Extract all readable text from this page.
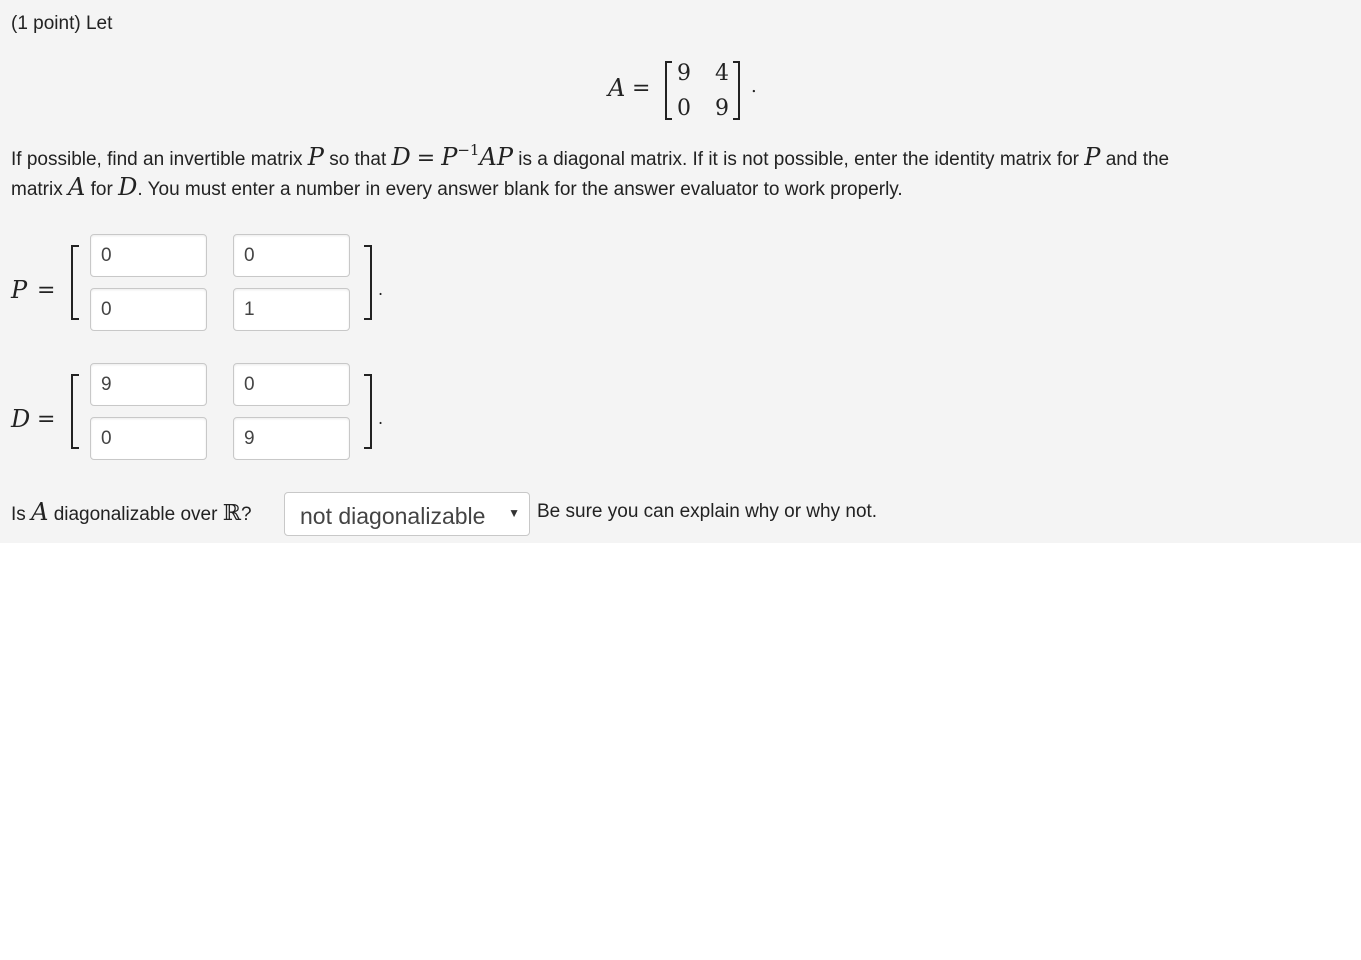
(1 point) Let
A =
9 4
0 9
.
If possible, find an invertible matrix P so that $D = P^{-1}AP$ is a diagonal matrix. If it is not possible, enter the identity matrix for P and the
matrix A for D. You must enter a number in every answer blank for the answer evaluator to work properly.
P =
0
0
0
1	.
D =
9
0
0
9	.
Is A diagonalizable over ℝ? not diagonalizable ▼ Be sure you can explain why or why not.
